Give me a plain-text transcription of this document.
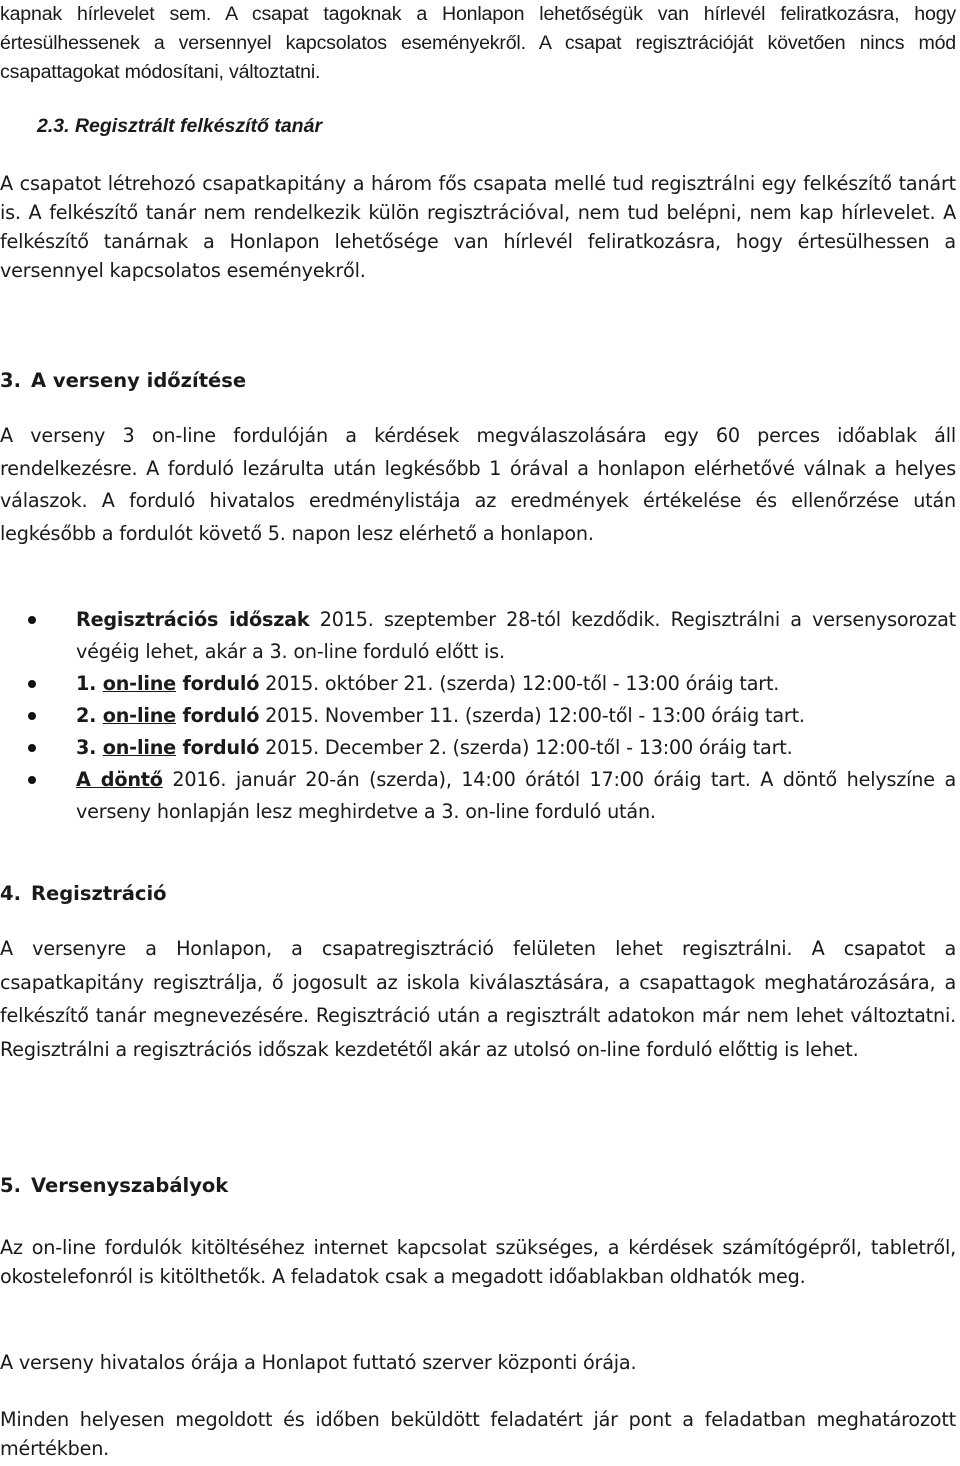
kapnak hírlevelet sem. A csapat tagoknak a Honlapon lehetőségük van hírlevél feliratkozásra, hogy értesülhessenek a versennyel kapcsolatos eseményekről. A csapat regisztrációját követően nincs mód csapattagokat módosítani, változtatni.

2.3. Regisztrált felkészítő tanár

A csapatot létrehozó csapatkapitány a három fős csapata mellé tud regisztrálni egy felkészítő tanárt is. A felkészítő tanár nem rendelkezik külön regisztrációval, nem tud belépni, nem kap hírlevelet. A felkészítő tanárnak a Honlapon lehetősége van hírlevél feliratkozásra, hogy értesülhessen a versennyel kapcsolatos eseményekről.

3. A verseny időzítése

A verseny 3 on-line fordulóján a kérdések megválaszolására egy 60 perces időablak áll rendelkezésre. A forduló lezárulta után legkésőbb 1 órával a honlapon elérhetővé válnak a helyes válaszok. A forduló hivatalos eredménylistája az eredmények értékelése és ellenőrzése után legkésőbb a fordulót követő 5. napon lesz elérhető a honlapon.

Regisztrációs időszak 2015. szeptember 28-tól kezdődik. Regisztrálni a versenysorozat végéig lehet, akár a 3. on-line forduló előtt is.
1. on-line forduló 2015. október 21. (szerda) 12:00-től - 13:00 óráig tart.
2. on-line forduló 2015. November 11. (szerda) 12:00-től - 13:00 óráig tart.
3. on-line forduló 2015. December 2. (szerda) 12:00-től - 13:00 óráig tart.
A döntő 2016. január 20-án (szerda), 14:00 órától 17:00 óráig tart. A döntő helyszíne a verseny honlapján lesz meghirdetve a 3. on-line forduló után.
4. Regisztráció

A versenyre a Honlapon, a csapatregisztráció felületen lehet regisztrálni. A csapatot a csapatkapitány regisztrálja, ő jogosult az iskola kiválasztására, a csapattagok meghatározására, a felkészítő tanár megnevezésére. Regisztráció után a regisztrált adatokon már nem lehet változtatni. Regisztrálni a regisztrációs időszak kezdetétől akár az utolsó on-line forduló előttig is lehet.

5. Versenyszabályok

Az on-line fordulók kitöltéséhez internet kapcsolat szükséges, a kérdések számítógépről, tabletről, okostelefonról is kitölthetők. A feladatok csak a megadott időablakban oldhatók meg.

A verseny hivatalos órája a Honlapot futtató szerver központi órája.

Minden helyesen megoldott és időben beküldött feladatért jár pont a feladatban meghatározott mértékben.
